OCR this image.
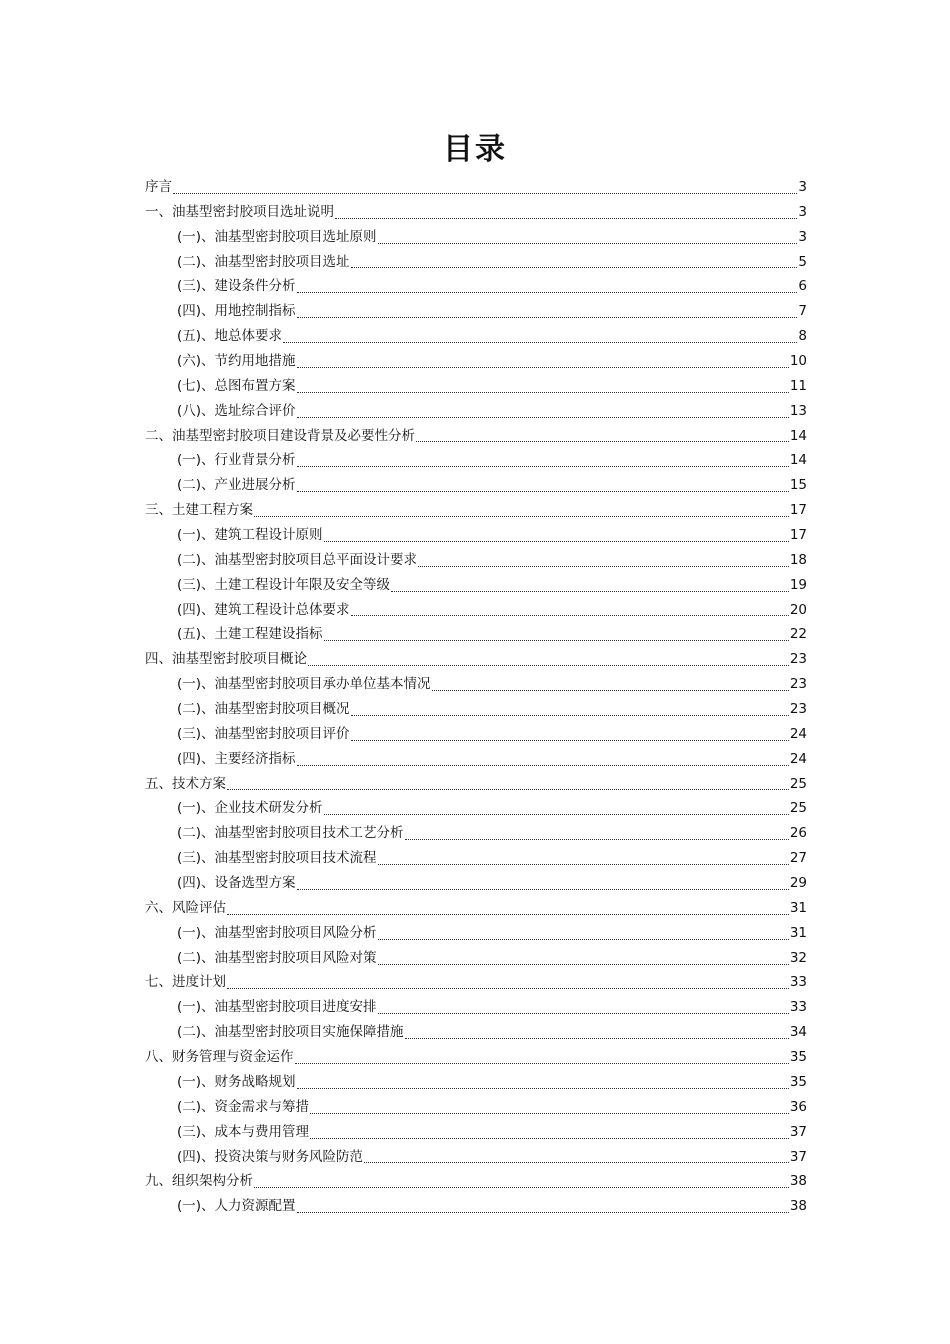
目录
序言	3
一、油基型密封胶项目选址说明	3
(一)、油基型密封胶项目选址原则	3
(二)、油基型密封胶项目选址	5
(三)、建设条件分析	6
(四)、用地控制指标	7
(五)、地总体要求	8
(六)、节约用地措施	10
(七)、总图布置方案	11
(八)、选址综合评价	13
二、油基型密封胶项目建设背景及必要性分析	14
(一)、行业背景分析	14
(二)、产业进展分析	15
三、土建工程方案	17
(一)、建筑工程设计原则	17
(二)、油基型密封胶项目总平面设计要求	18
(三)、土建工程设计年限及安全等级	19
(四)、建筑工程设计总体要求	20
(五)、土建工程建设指标	22
四、油基型密封胶项目概论	23
(一)、油基型密封胶项目承办单位基本情况	23
(二)、油基型密封胶项目概况	23
(三)、油基型密封胶项目评价	24
(四)、主要经济指标	24
五、技术方案	25
(一)、企业技术研发分析	25
(二)、油基型密封胶项目技术工艺分析	26
(三)、油基型密封胶项目技术流程	27
(四)、设备选型方案	29
六、风险评估	31
(一)、油基型密封胶项目风险分析	31
(二)、油基型密封胶项目风险对策	32
七、进度计划	33
(一)、油基型密封胶项目进度安排	33
(二)、油基型密封胶项目实施保障措施	34
八、财务管理与资金运作	35
(一)、财务战略规划	35
(二)、资金需求与筹措	36
(三)、成本与费用管理	37
(四)、投资决策与财务风险防范	37
九、组织架构分析	38
(一)、人力资源配置	38
